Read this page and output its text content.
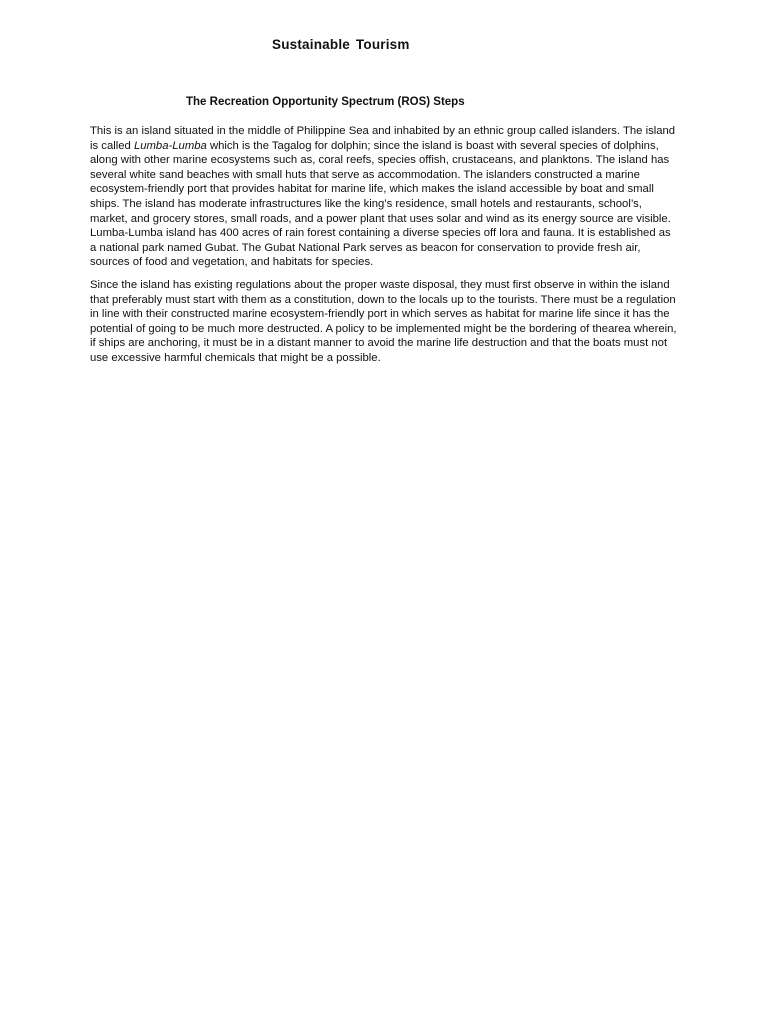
Sustainable Tourism
The Recreation Opportunity Spectrum (ROS) Steps

This is an island situated in the middle of Philippine Sea and inhabited by an ethnic group called islanders. The island is called Lumba-Lumba which is the Tagalog for dolphin; since the island is boast with several species of dolphins, along with other marine ecosystems such as, coral reefs, species offish, crustaceans, and planktons. The island has several white sand beaches with small huts that serve as accommodation. The islanders constructed a marine ecosystem-friendly port that provides habitat for marine life, which makes the island accessible by boat and small ships. The island has moderate infrastructures like the king’s residence, small hotels and restaurants, school’s, market, and grocery stores, small roads, and a power plant that uses solar and wind as its energy source are visible. Lumba-Lumba island has 400 acres of rain forest containing a diverse species off lora and fauna. It is established as a national park named Gubat. The Gubat National Park serves as beacon for conservation to provide fresh air, sources of food and vegetation, and habitats for species.

Since the island has existing regulations about the proper waste disposal, they must first observe in within the island that preferably must start with them as a constitution, down to the locals up to the tourists. There must be a regulation in line with their constructed marine ecosystem-friendly port in which serves as habitat for marine life since it has the potential of going to be much more destructed. A policy to be implemented might be the bordering of thearea wherein, if ships are anchoring, it must be in a distant manner to avoid the marine life destruction and that the boats must not use excessive harmful chemicals that might be a possible.
